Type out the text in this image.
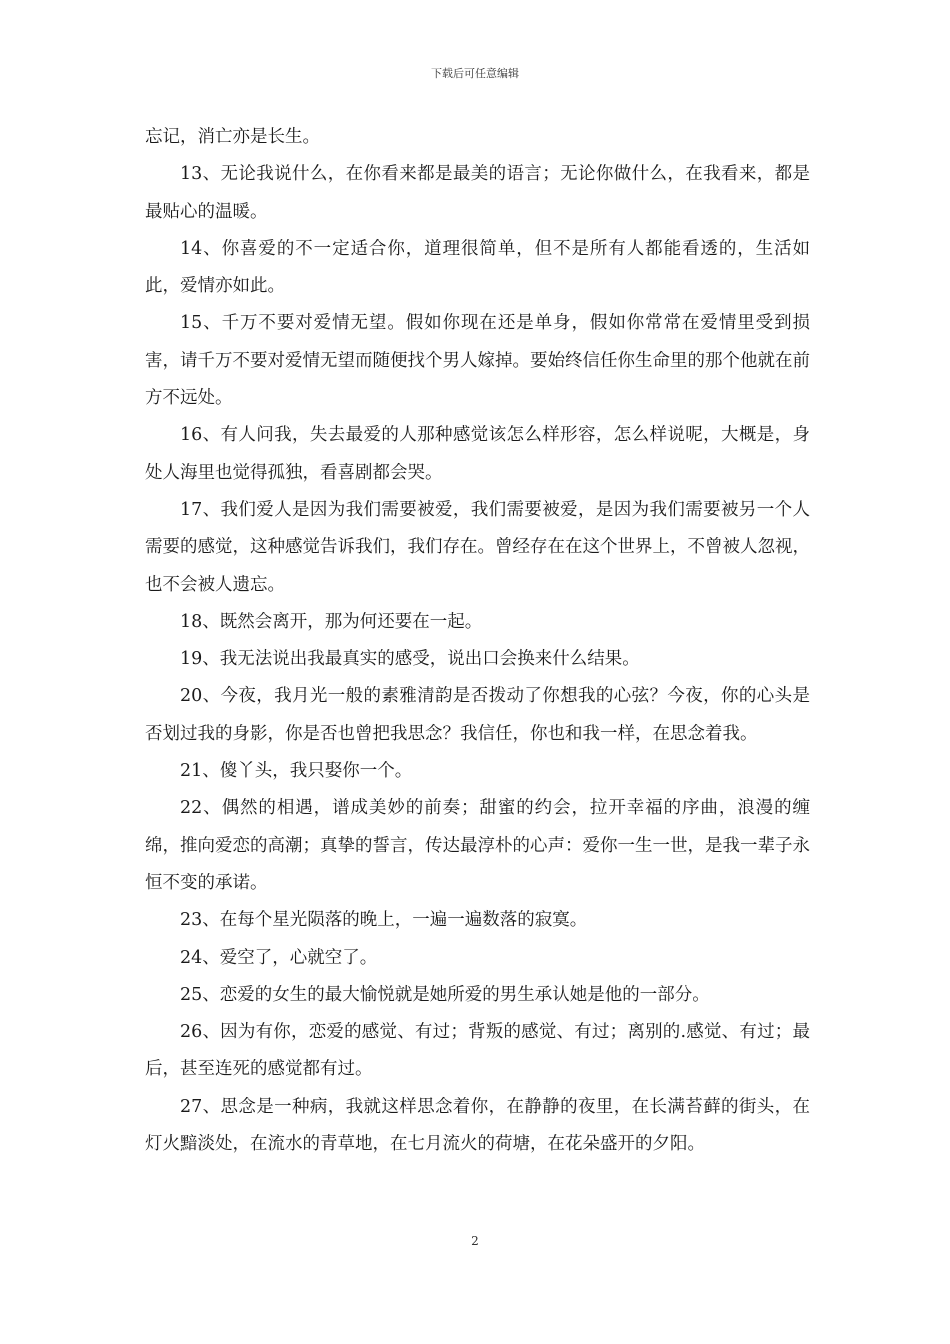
下载后可任意编辑

忘记，消亡亦是长生。

13、无论我说什么，在你看来都是最美的语言；无论你做什么，在我看来，都是最贴心的温暖。

14、你喜爱的不一定适合你，道理很简单，但不是所有人都能看透的，生活如此，爱情亦如此。

15、千万不要对爱情无望。假如你现在还是单身，假如你常常在爱情里受到损害，请千万不要对爱情无望而随便找个男人嫁掉。要始终信任你生命里的那个他就在前方不远处。

16、有人问我，失去最爱的人那种感觉该怎么样形容，怎么样说呢，大概是，身处人海里也觉得孤独，看喜剧都会哭。

17、我们爱人是因为我们需要被爱，我们需要被爱，是因为我们需要被另一个人需要的感觉，这种感觉告诉我们，我们存在。曾经存在在这个世界上，不曾被人忽视，也不会被人遗忘。

18、既然会离开，那为何还要在一起。

19、我无法说出我最真实的感受，说出口会换来什么结果。

20、今夜，我月光一般的素雅清韵是否拨动了你想我的心弦？今夜，你的心头是否划过我的身影，你是否也曾把我思念？我信任，你也和我一样，在思念着我。

21、傻丫头，我只娶你一个。

22、偶然的相遇，谱成美妙的前奏；甜蜜的约会，拉开幸福的序曲，浪漫的缠绵，推向爱恋的高潮；真挚的誓言，传达最淳朴的心声：爱你一生一世，是我一辈子永恒不变的承诺。

23、在每个星光陨落的晚上，一遍一遍数落的寂寞。

24、爱空了，心就空了。

25、恋爱的女生的最大愉悦就是她所爱的男生承认她是他的一部分。

26、因为有你，恋爱的感觉、有过；背叛的感觉、有过；离别的.感觉、有过；最后，甚至连死的感觉都有过。

27、思念是一种病，我就这样思念着你，在静静的夜里，在长满苔藓的街头，在灯火黯淡处，在流水的青草地，在七月流火的荷塘，在花朵盛开的夕阳。

2
